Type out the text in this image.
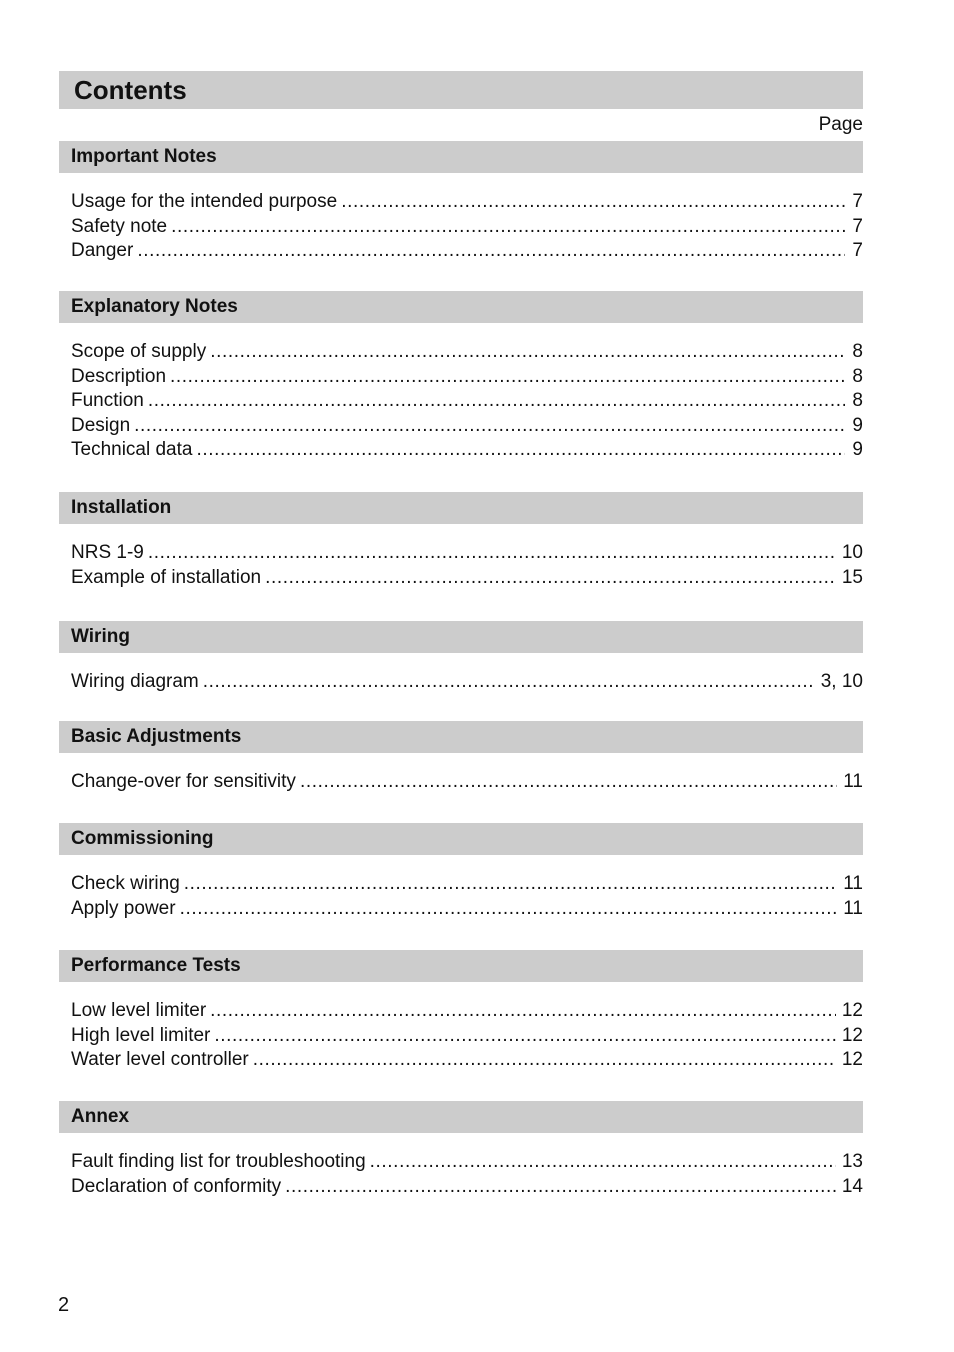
Contents
Page
Important Notes
Usage for the intended purpose .....	7
Safety note .....	7
Danger .....	7
Explanatory Notes
Scope of supply .....	8
Description .....	8
Function .....	8
Design .....	9
Technical data .....	9
Installation
NRS 1-9 .....	10
Example of installation .....	15
Wiring
Wiring diagram .....	3, 10
Basic Adjustments
Change-over for sensitivity .....	11
Commissioning
Check wiring .....	11
Apply power .....	11
Performance Tests
Low level limiter .....	12
High level limiter .....	12
Water level controller .....	12
Annex
Fault finding list for troubleshooting .....	13
Declaration of conformity .....	14
2
